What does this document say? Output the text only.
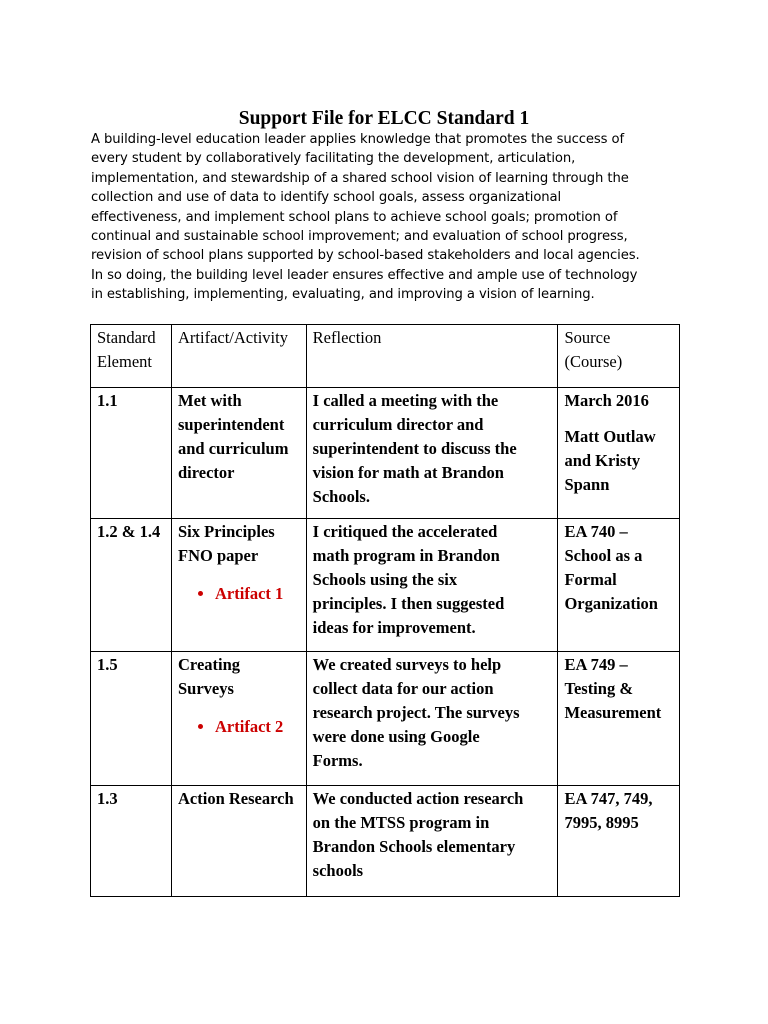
Support File for ELCC Standard 1
A building-level education leader applies knowledge that promotes the success of
every student by collaboratively facilitating the development, articulation,
implementation, and stewardship of a shared school vision of learning through the
collection and use of data to identify school goals, assess organizational
effectiveness, and implement school plans to achieve school goals; promotion of
continual and sustainable school improvement; and evaluation of school progress,
revision of school plans supported by school-based stakeholders and local agencies.
In so doing, the building level leader ensures effective and ample use of technology
in establishing, implementing, evaluating, and improving a vision of learning.
Standard
Element	Artifact/Activity	Reflection	Source
(Course)

1.1	Met with
superintendent
and curriculum
director	I called a meeting with the
curriculum director and
superintendent to discuss the
vision for math at Brandon
Schools.	March 2016
Matt Outlaw
and Kristy
Spann

1.2 & 1.4	Six Principles
FNO paper
Artifact 1	I critiqued the accelerated
math program in Brandon
Schools using the six
principles. I then suggested
ideas for improvement.	EA 740 –
School as a
Formal
Organization

1.5	Creating
Surveys
Artifact 2	We created surveys to help
collect data for our action
research project. The surveys
were done using Google
Forms.	EA 749 –
Testing &
Measurement

1.3	Action Research	We conducted action research
on the MTSS program in
Brandon Schools elementary
schools	EA 747, 749,
7995, 8995
